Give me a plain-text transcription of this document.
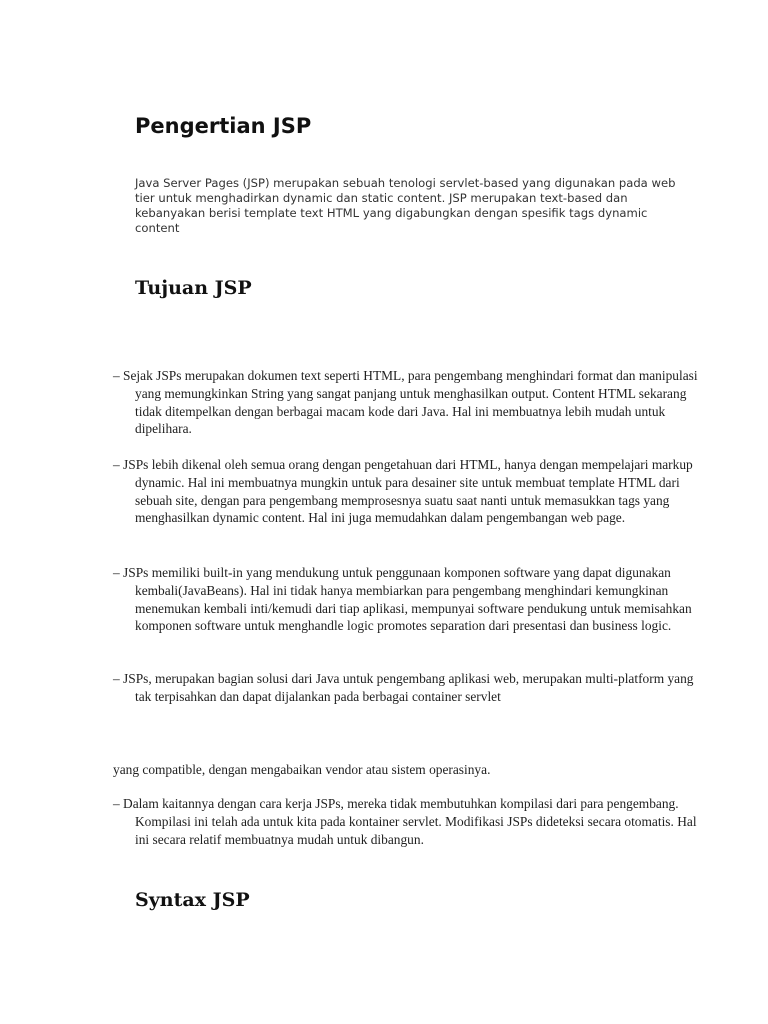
Pengertian JSP

Java Server Pages (JSP) merupakan sebuah tenologi servlet-based yang digunakan pada web tier untuk menghadirkan dynamic dan static content. JSP merupakan text-based dan kebanyakan berisi template text HTML yang digabungkan dengan spesifik tags dynamic content

Tujuan JSP

– Sejak JSPs merupakan dokumen text seperti HTML, para pengembang menghindari format dan manipulasi yang memungkinkan String yang sangat panjang untuk menghasilkan output. Content HTML sekarang tidak ditempelkan dengan berbagai macam kode dari Java. Hal ini membuatnya lebih mudah untuk dipelihara.

– JSPs lebih dikenal oleh semua orang dengan pengetahuan dari HTML, hanya dengan mempelajari markup dynamic. Hal ini membuatnya mungkin untuk para desainer site untuk membuat template HTML dari sebuah site, dengan para pengembang memprosesnya suatu saat nanti untuk memasukkan tags yang menghasilkan dynamic content. Hal ini juga memudahkan dalam pengembangan web page.

– JSPs memiliki built-in yang mendukung untuk penggunaan komponen software yang dapat digunakan kembali(JavaBeans). Hal ini tidak hanya membiarkan para pengembang menghindari kemungkinan menemukan kembali inti/kemudi dari tiap aplikasi, mempunyai software pendukung untuk memisahkan komponen software untuk menghandle logic promotes separation dari presentasi dan business logic.

– JSPs, merupakan bagian solusi dari Java untuk pengembang aplikasi web, merupakan multi-platform yang tak terpisahkan dan dapat dijalankan pada berbagai container servlet

yang compatible, dengan mengabaikan vendor atau sistem operasinya.

– Dalam kaitannya dengan cara kerja JSPs, mereka tidak membutuhkan kompilasi dari para pengembang. Kompilasi ini telah ada untuk kita pada kontainer servlet. Modifikasi JSPs dideteksi secara otomatis. Hal ini secara relatif membuatnya mudah untuk dibangun.

Syntax JSP
